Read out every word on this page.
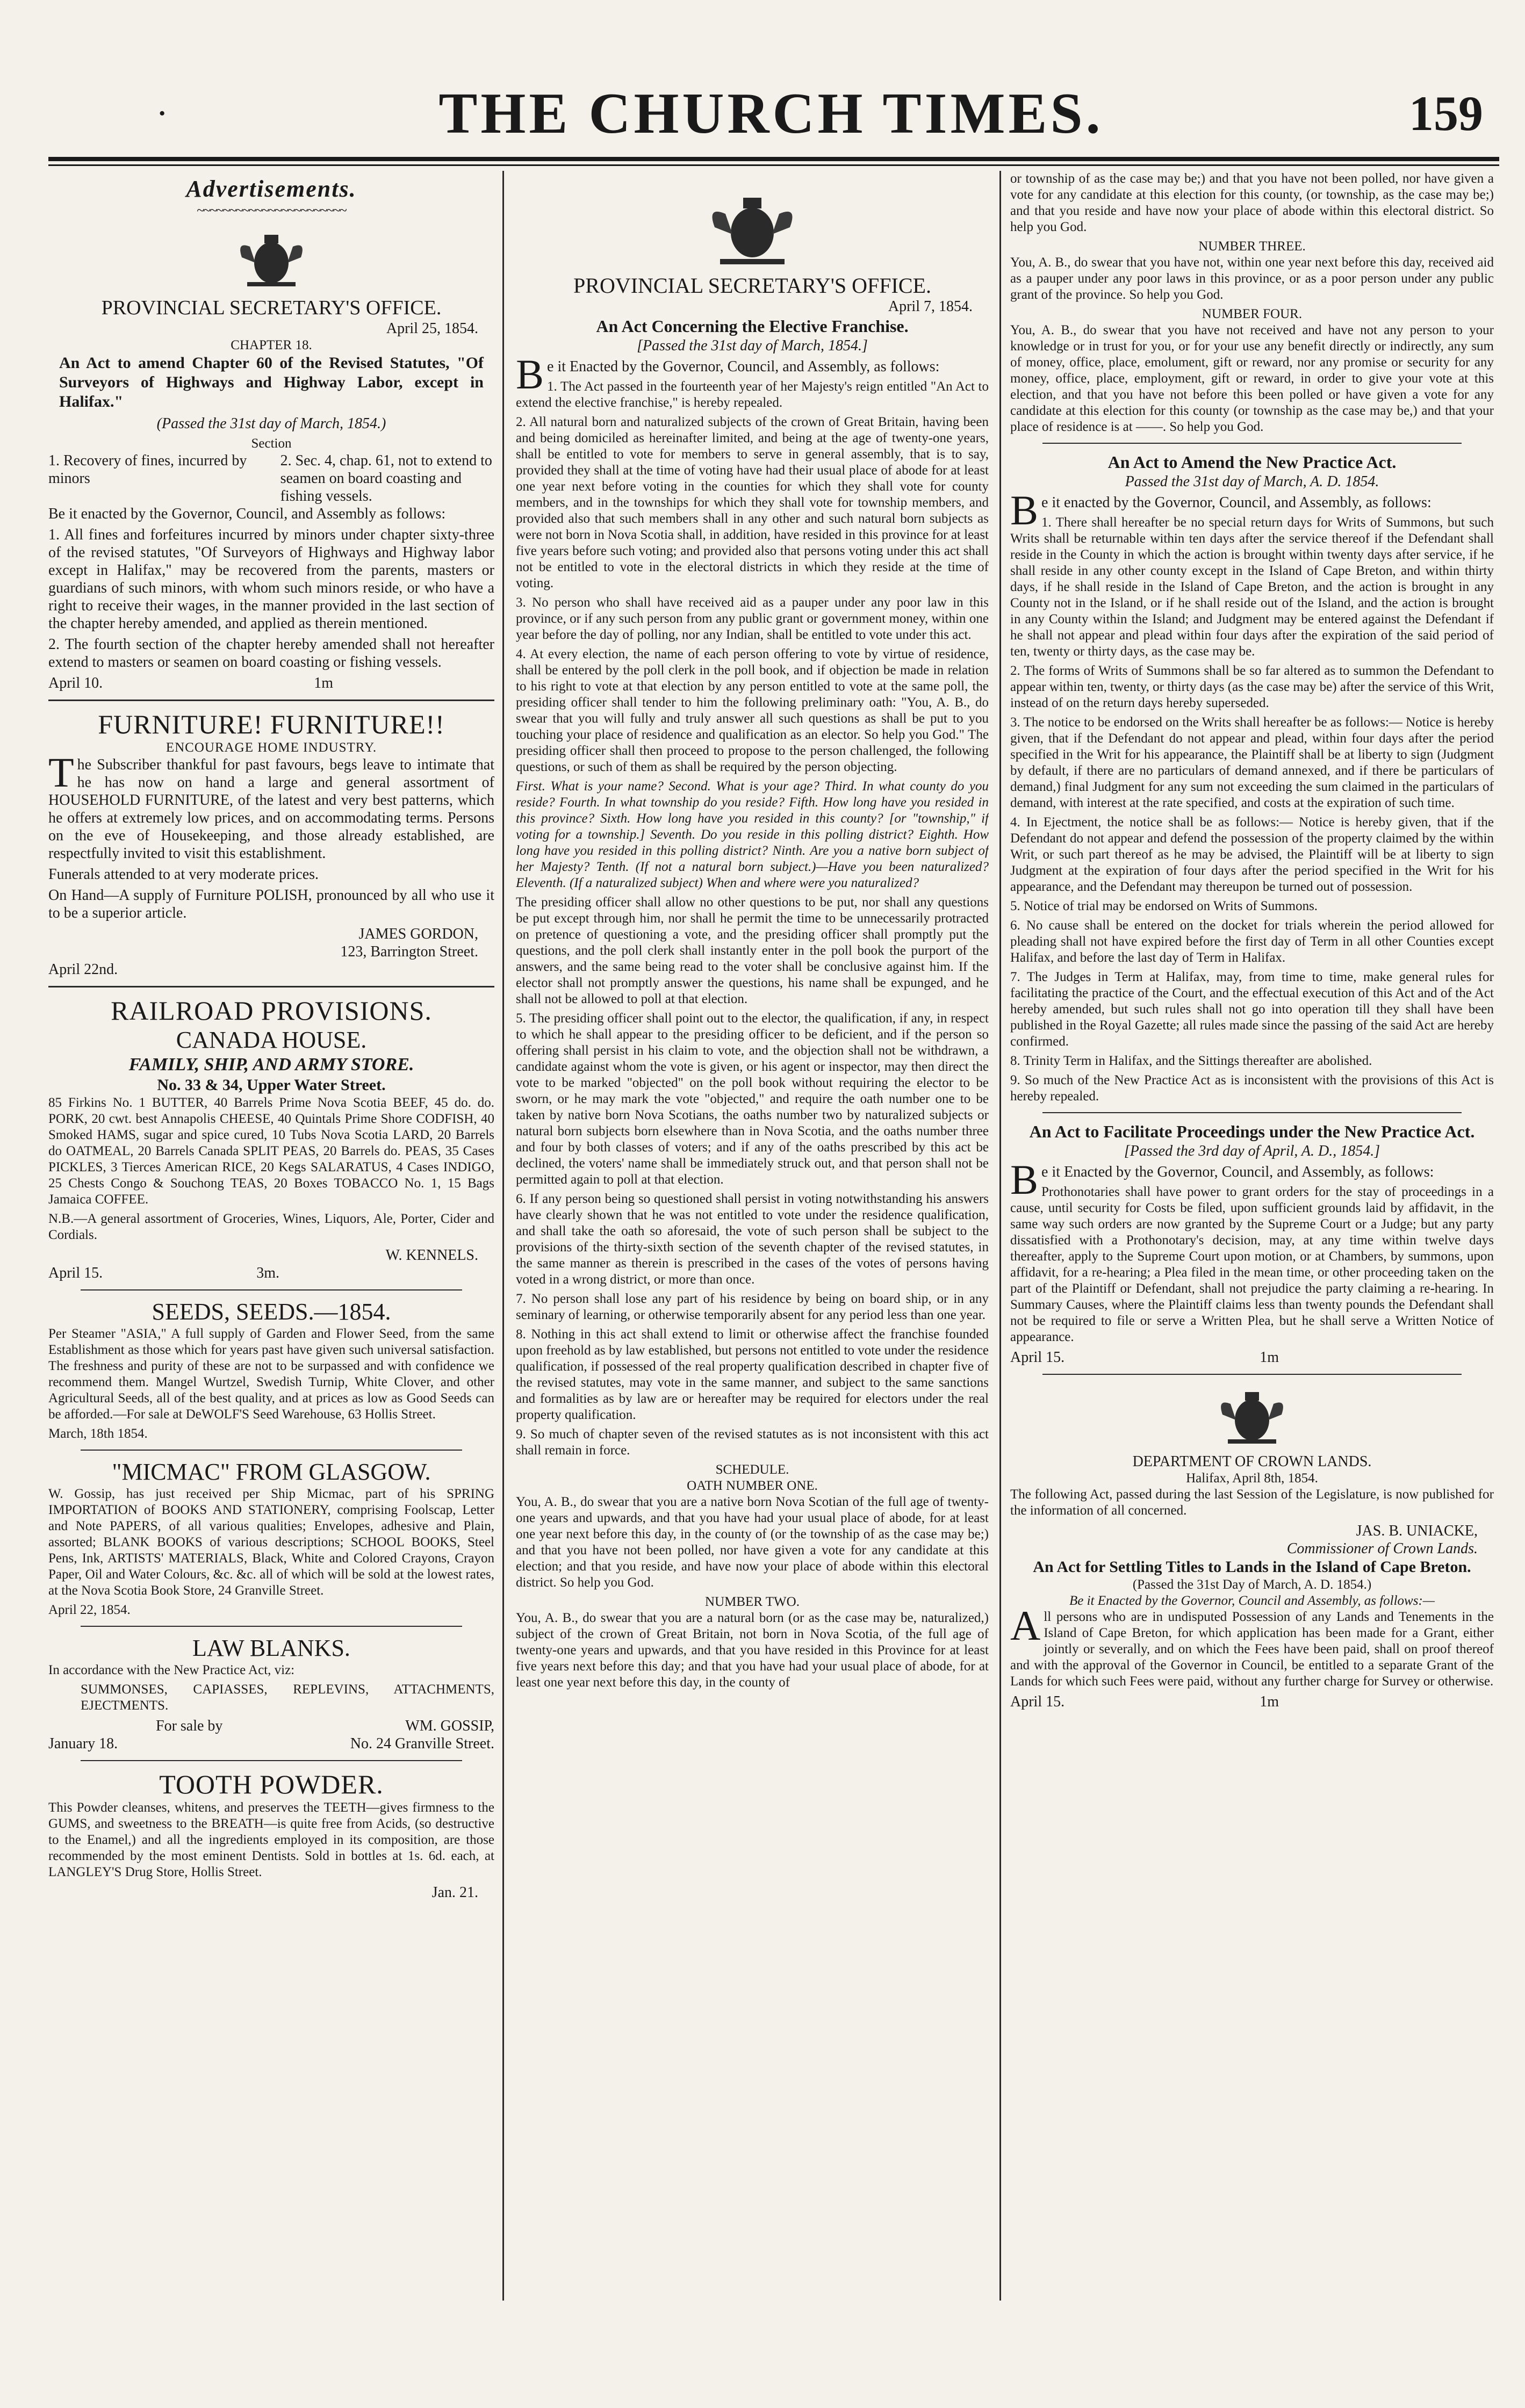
·	THE CHURCH TIMES.	159
Advertisements.
~~~~~~~~~~~~~~~~~~~~~~~
PROVINCIAL SECRETARY'S OFFICE.
April 25, 1854.
CHAPTER 18.
An Act to amend Chapter 60 of the Revised Statutes, "Of Surveyors of Highways and Highway Labor, except in Halifax."
(Passed the 31st day of March, 1854.)
Section
1. Recovery of fines, incurred by minors
2. Sec. 4, chap. 61, not to extend to seamen on board coasting and fishing vessels.
Be it enacted by the Governor, Council, and Assembly as follows:
1. All fines and forfeitures incurred by minors under chapter sixty-three of the revised statutes, "Of Surveyors of Highways and Highway labor except in Halifax," may be recovered from the parents, masters or guardians of such minors, with whom such minors reside, or who have a right to receive their wages, in the manner provided in the last section of the chapter hereby amended, and applied as therein mentioned.
2. The fourth section of the chapter hereby amended shall not hereafter extend to masters or seamen on board coasting or fishing vessels.
April 10.	1m
FURNITURE! FURNITURE!!
ENCOURAGE HOME INDUSTRY.
The Subscriber thankful for past favours, begs leave to intimate that he has now on hand a large and general assortment of HOUSEHOLD FURNITURE, of the latest and very best patterns, which he offers at extremely low prices, and on accommodating terms. Persons on the eve of Housekeeping, and those already established, are respectfully invited to visit this establishment.
Funerals attended to at very moderate prices.
On Hand—A supply of Furniture POLISH, pronounced by all who use it to be a superior article.
JAMES GORDON,
123, Barrington Street.
April 22nd.
RAILROAD PROVISIONS.
CANADA HOUSE.
FAMILY, SHIP, AND ARMY STORE.
No. 33 & 34, Upper Water Street.
85 Firkins No. 1 BUTTER, 40 Barrels Prime Nova Scotia BEEF, 45 do. do. PORK, 20 cwt. best Annapolis CHEESE, 40 Quintals Prime Shore CODFISH, 40 Smoked HAMS, sugar and spice cured, 10 Tubs Nova Scotia LARD, 20 Barrels do OATMEAL, 20 Barrels Canada SPLIT PEAS, 20 Barrels do. PEAS, 35 Cases PICKLES, 3 Tierces American RICE, 20 Kegs SALARATUS, 4 Cases INDIGO, 25 Chests Congo & Souchong TEAS, 20 Boxes TOBACCO No. 1, 15 Bags Jamaica COFFEE.
N.B.—A general assortment of Groceries, Wines, Liquors, Ale, Porter, Cider and Cordials.
W. KENNELS.
April 15.	3m.
SEEDS, SEEDS.—1854.
Per Steamer "ASIA," A full supply of Garden and Flower Seed, from the same Establishment as those which for years past have given such universal satisfaction. The freshness and purity of these are not to be surpassed and with confidence we recommend them. Mangel Wurtzel, Swedish Turnip, White Clover, and other Agricultural Seeds, all of the best quality, and at prices as low as Good Seeds can be afforded.—For sale at DeWOLF'S Seed Warehouse, 63 Hollis Street.
March, 18th 1854.
"MICMAC" FROM GLASGOW.
W. Gossip, has just received per Ship Micmac, part of his SPRING IMPORTATION of BOOKS AND STATIONERY, comprising Foolscap, Letter and Note PAPERS, of all various qualities; Envelopes, adhesive and Plain, assorted; BLANK BOOKS of various descriptions; SCHOOL BOOKS, Steel Pens, Ink, ARTISTS' MATERIALS, Black, White and Colored Crayons, Crayon Paper, Oil and Water Colours, &c. &c. all of which will be sold at the lowest rates, at the Nova Scotia Book Store, 24 Granville Street.
April 22, 1854.
LAW BLANKS.
In accordance with the New Practice Act, viz:
SUMMONSES, CAPIASSES, REPLEVINS, ATTACHMENTS, EJECTMENTS.
For sale by	WM. GOSSIP,
January 18.	No. 24 Granville Street.
TOOTH POWDER.
This Powder cleanses, whitens, and preserves the TEETH—gives firmness to the GUMS, and sweetness to the BREATH—is quite free from Acids, (so destructive to the Enamel,) and all the ingredients employed in its composition, are those recommended by the most eminent Dentists. Sold in bottles at 1s. 6d. each, at LANGLEY'S Drug Store, Hollis Street.
Jan. 21.
PROVINCIAL SECRETARY'S OFFICE.
April 7, 1854.
An Act Concerning the Elective Franchise.
[Passed the 31st day of March, 1854.]
Be it Enacted by the Governor, Council, and Assembly, as follows:
1. The Act passed in the fourteenth year of her Majesty's reign entitled "An Act to extend the elective franchise," is hereby repealed.
2. All natural born and naturalized subjects of the crown of Great Britain, having been and being domiciled as hereinafter limited, and being at the age of twenty-one years, shall be entitled to vote for members to serve in general assembly, that is to say, provided they shall at the time of voting have had their usual place of abode for at least one year next before voting in the counties for which they shall vote for county members, and in the townships for which they shall vote for township members, and provided also that such members shall in any other and such natural born subjects as were not born in Nova Scotia shall, in addition, have resided in this province for at least five years before such voting; and provided also that persons voting under this act shall not be entitled to vote in the electoral districts in which they reside at the time of voting.
3. No person who shall have received aid as a pauper under any poor law in this province, or if any such person from any public grant or government money, within one year before the day of polling, nor any Indian, shall be entitled to vote under this act.
4. At every election, the name of each person offering to vote by virtue of residence, shall be entered by the poll clerk in the poll book, and if objection be made in relation to his right to vote at that election by any person entitled to vote at the same poll, the presiding officer shall tender to him the following preliminary oath: "You, A. B., do swear that you will fully and truly answer all such questions as shall be put to you touching your place of residence and qualification as an elector. So help you God." The presiding officer shall then proceed to propose to the person challenged, the following questions, or such of them as shall be required by the person objecting.
First. What is your name? Second. What is your age? Third. In what county do you reside? Fourth. In what township do you reside? Fifth. How long have you resided in this province? Sixth. How long have you resided in this county? [or "township," if voting for a township.] Seventh. Do you reside in this polling district? Eighth. How long have you resided in this polling district? Ninth. Are you a native born subject of her Majesty? Tenth. (If not a natural born subject.)—Have you been naturalized? Eleventh. (If a naturalized subject) When and where were you naturalized?
The presiding officer shall allow no other questions to be put, nor shall any questions be put except through him, nor shall he permit the time to be unnecessarily protracted on pretence of questioning a vote, and the presiding officer shall promptly put the questions, and the poll clerk shall instantly enter in the poll book the purport of the answers, and the same being read to the voter shall be conclusive against him. If the elector shall not promptly answer the questions, his name shall be expunged, and he shall not be allowed to poll at that election.
5. The presiding officer shall point out to the elector, the qualification, if any, in respect to which he shall appear to the presiding officer to be deficient, and if the person so offering shall persist in his claim to vote, and the objection shall not be withdrawn, a candidate against whom the vote is given, or his agent or inspector, may then direct the vote to be marked "objected" on the poll book without requiring the elector to be sworn, or he may mark the vote "objected," and require the oath number one to be taken by native born Nova Scotians, the oaths number two by naturalized subjects or natural born subjects born elsewhere than in Nova Scotia, and the oaths number three and four by both classes of voters; and if any of the oaths prescribed by this act be declined, the voters' name shall be immediately struck out, and that person shall not be permitted again to poll at that election.
6. If any person being so questioned shall persist in voting notwithstanding his answers have clearly shown that he was not entitled to vote under the residence qualification, and shall take the oath so aforesaid, the vote of such person shall be subject to the provisions of the thirty-sixth section of the seventh chapter of the revised statutes, in the same manner as therein is prescribed in the cases of the votes of persons having voted in a wrong district, or more than once.
7. No person shall lose any part of his residence by being on board ship, or in any seminary of learning, or otherwise temporarily absent for any period less than one year.
8. Nothing in this act shall extend to limit or otherwise affect the franchise founded upon freehold as by law established, but persons not entitled to vote under the residence qualification, if possessed of the real property qualification described in chapter five of the revised statutes, may vote in the same manner, and subject to the same sanctions and formalities as by law are or hereafter may be required for electors under the real property qualification.
9. So much of chapter seven of the revised statutes as is not inconsistent with this act shall remain in force.
SCHEDULE.
OATH NUMBER ONE.
You, A. B., do swear that you are a native born Nova Scotian of the full age of twenty-one years and upwards, and that you have had your usual place of abode, for at least one year next before this day, in the county of (or the township of as the case may be;) and that you have not been polled, nor have given a vote for any candidate at this election; and that you reside, and have now your place of abode within this electoral district. So help you God.
NUMBER TWO.
You, A. B., do swear that you are a natural born (or as the case may be, naturalized,) subject of the crown of Great Britain, not born in Nova Scotia, of the full age of twenty-one years and upwards, and that you have resided in this Province for at least five years next before this day; and that you have had your usual place of abode, for at least one year next before this day, in the county of
or township of as the case may be;) and that you have not been polled, nor have given a vote for any candidate at this election for this county, (or township, as the case may be;) and that you reside and have now your place of abode within this electoral district. So help you God.
NUMBER THREE.
You, A. B., do swear that you have not, within one year next before this day, received aid as a pauper under any poor laws in this province, or as a poor person under any public grant of the province. So help you God.
NUMBER FOUR.
You, A. B., do swear that you have not received and have not any person to your knowledge or in trust for you, or for your use any benefit directly or indirectly, any sum of money, office, place, emolument, gift or reward, nor any promise or security for any money, office, place, employment, gift or reward, in order to give your vote at this election, and that you have not before this been polled or have given a vote for any candidate at this election for this county (or township as the case may be,) and that your place of residence is at ——. So help you God.
An Act to Amend the New Practice Act.
Passed the 31st day of March, A. D. 1854.
Be it enacted by the Governor, Council, and Assembly, as follows:
1. There shall hereafter be no special return days for Writs of Summons, but such Writs shall be returnable within ten days after the service thereof if the Defendant shall reside in the County in which the action is brought within twenty days after service, if he shall reside in any other county except in the Island of Cape Breton, and within thirty days, if he shall reside in the Island of Cape Breton, and the action is brought in any County not in the Island, or if he shall reside out of the Island, and the action is brought in any County within the Island; and Judgment may be entered against the Defendant if he shall not appear and plead within four days after the expiration of the said period of ten, twenty or thirty days, as the case may be.
2. The forms of Writs of Summons shall be so far altered as to summon the Defendant to appear within ten, twenty, or thirty days (as the case may be) after the service of this Writ, instead of on the return days hereby superseded.
3. The notice to be endorsed on the Writs shall hereafter be as follows:— Notice is hereby given, that if the Defendant do not appear and plead, within four days after the period specified in the Writ for his appearance, the Plaintiff shall be at liberty to sign (Judgment by default, if there are no particulars of demand annexed, and if there be particulars of demand,) final Judgment for any sum not exceeding the sum claimed in the particulars of demand, with interest at the rate specified, and costs at the expiration of such time.
4. In Ejectment, the notice shall be as follows:— Notice is hereby given, that if the Defendant do not appear and defend the possession of the property claimed by the within Writ, or such part thereof as he may be advised, the Plaintiff will be at liberty to sign Judgment at the expiration of four days after the period specified in the Writ for his appearance, and the Defendant may thereupon be turned out of possession.
5. Notice of trial may be endorsed on Writs of Summons.
6. No cause shall be entered on the docket for trials wherein the period allowed for pleading shall not have expired before the first day of Term in all other Counties except Halifax, and before the last day of Term in Halifax.
7. The Judges in Term at Halifax, may, from time to time, make general rules for facilitating the practice of the Court, and the effectual execution of this Act and of the Act hereby amended, but such rules shall not go into operation till they shall have been published in the Royal Gazette; all rules made since the passing of the said Act are hereby confirmed.
8. Trinity Term in Halifax, and the Sittings thereafter are abolished.
9. So much of the New Practice Act as is inconsistent with the provisions of this Act is hereby repealed.
An Act to Facilitate Proceedings under the New Practice Act.
[Passed the 3rd day of April, A. D., 1854.]
Be it Enacted by the Governor, Council, and Assembly, as follows:
Prothonotaries shall have power to grant orders for the stay of proceedings in a cause, until security for Costs be filed, upon sufficient grounds laid by affidavit, in the same way such orders are now granted by the Supreme Court or a Judge; but any party dissatisfied with a Prothonotary's decision, may, at any time within twelve days thereafter, apply to the Supreme Court upon motion, or at Chambers, by summons, upon affidavit, for a re-hearing; a Plea filed in the mean time, or other proceeding taken on the part of the Plaintiff or Defendant, shall not prejudice the party claiming a re-hearing. In Summary Causes, where the Plaintiff claims less than twenty pounds the Defendant shall not be required to file or serve a Written Plea, but he shall serve a Written Notice of appearance.
April 15.	1m
DEPARTMENT OF CROWN LANDS.
Halifax, April 8th, 1854.
The following Act, passed during the last Session of the Legislature, is now published for the information of all concerned.
JAS. B. UNIACKE,
Commissioner of Crown Lands.
An Act for Settling Titles to Lands in the Island of Cape Breton.
(Passed the 31st Day of March, A. D. 1854.)
Be it Enacted by the Governor, Council and Assembly, as follows:—
All persons who are in undisputed Possession of any Lands and Tenements in the Island of Cape Breton, for which application has been made for a Grant, either jointly or severally, and on which the Fees have been paid, shall on proof thereof and with the approval of the Governor in Council, be entitled to a separate Grant of the Lands for which such Fees were paid, without any further charge for Survey or otherwise.
April 15.	1m
